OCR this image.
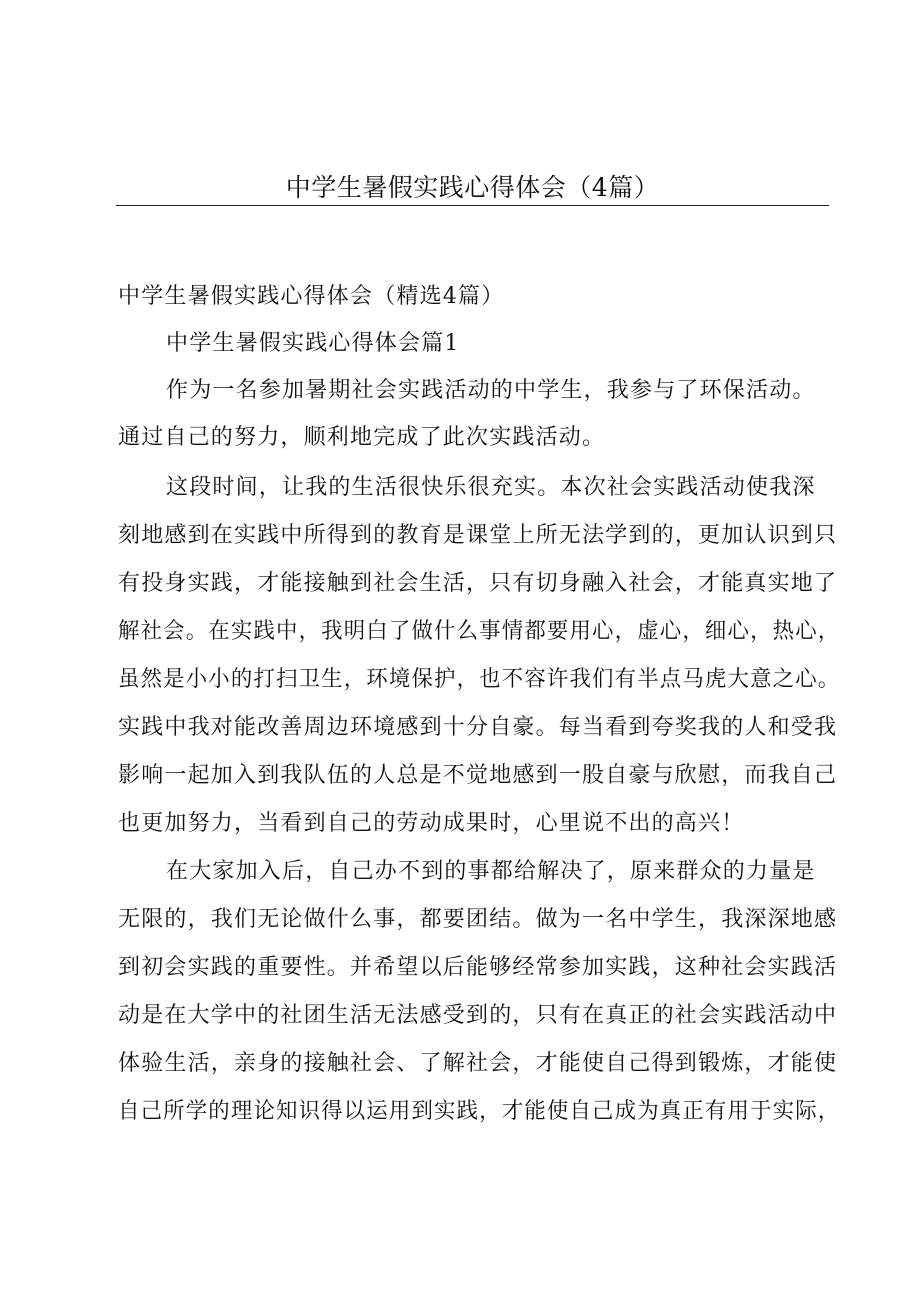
中学生暑假实践心得体会（4篇）
中学生暑假实践心得体会（精选4篇）
中学生暑假实践心得体会篇1
作为一名参加暑期社会实践活动的中学生，我参与了环保活动。
通过自己的努力，顺利地完成了此次实践活动。
这段时间，让我的生活很快乐很充实。本次社会实践活动使我深
刻地感到在实践中所得到的教育是课堂上所无法学到的，更加认识到只
有投身实践，才能接触到社会生活，只有切身融入社会，才能真实地了
解社会。在实践中，我明白了做什么事情都要用心，虚心，细心，热心，
虽然是小小的打扫卫生，环境保护，也不容许我们有半点马虎大意之心。
实践中我对能改善周边环境感到十分自豪。每当看到夸奖我的人和受我
影响一起加入到我队伍的人总是不觉地感到一股自豪与欣慰，而我自己
也更加努力，当看到自己的劳动成果时，心里说不出的高兴！
在大家加入后，自己办不到的事都给解决了，原来群众的力量是
无限的，我们无论做什么事，都要团结。做为一名中学生，我深深地感
到初会实践的重要性。并希望以后能够经常参加实践，这种社会实践活
动是在大学中的社团生活无法感受到的，只有在真正的社会实践活动中
体验生活，亲身的接触社会、了解社会，才能使自己得到锻炼，才能使
自己所学的理论知识得以运用到实践，才能使自己成为真正有用于实际，
